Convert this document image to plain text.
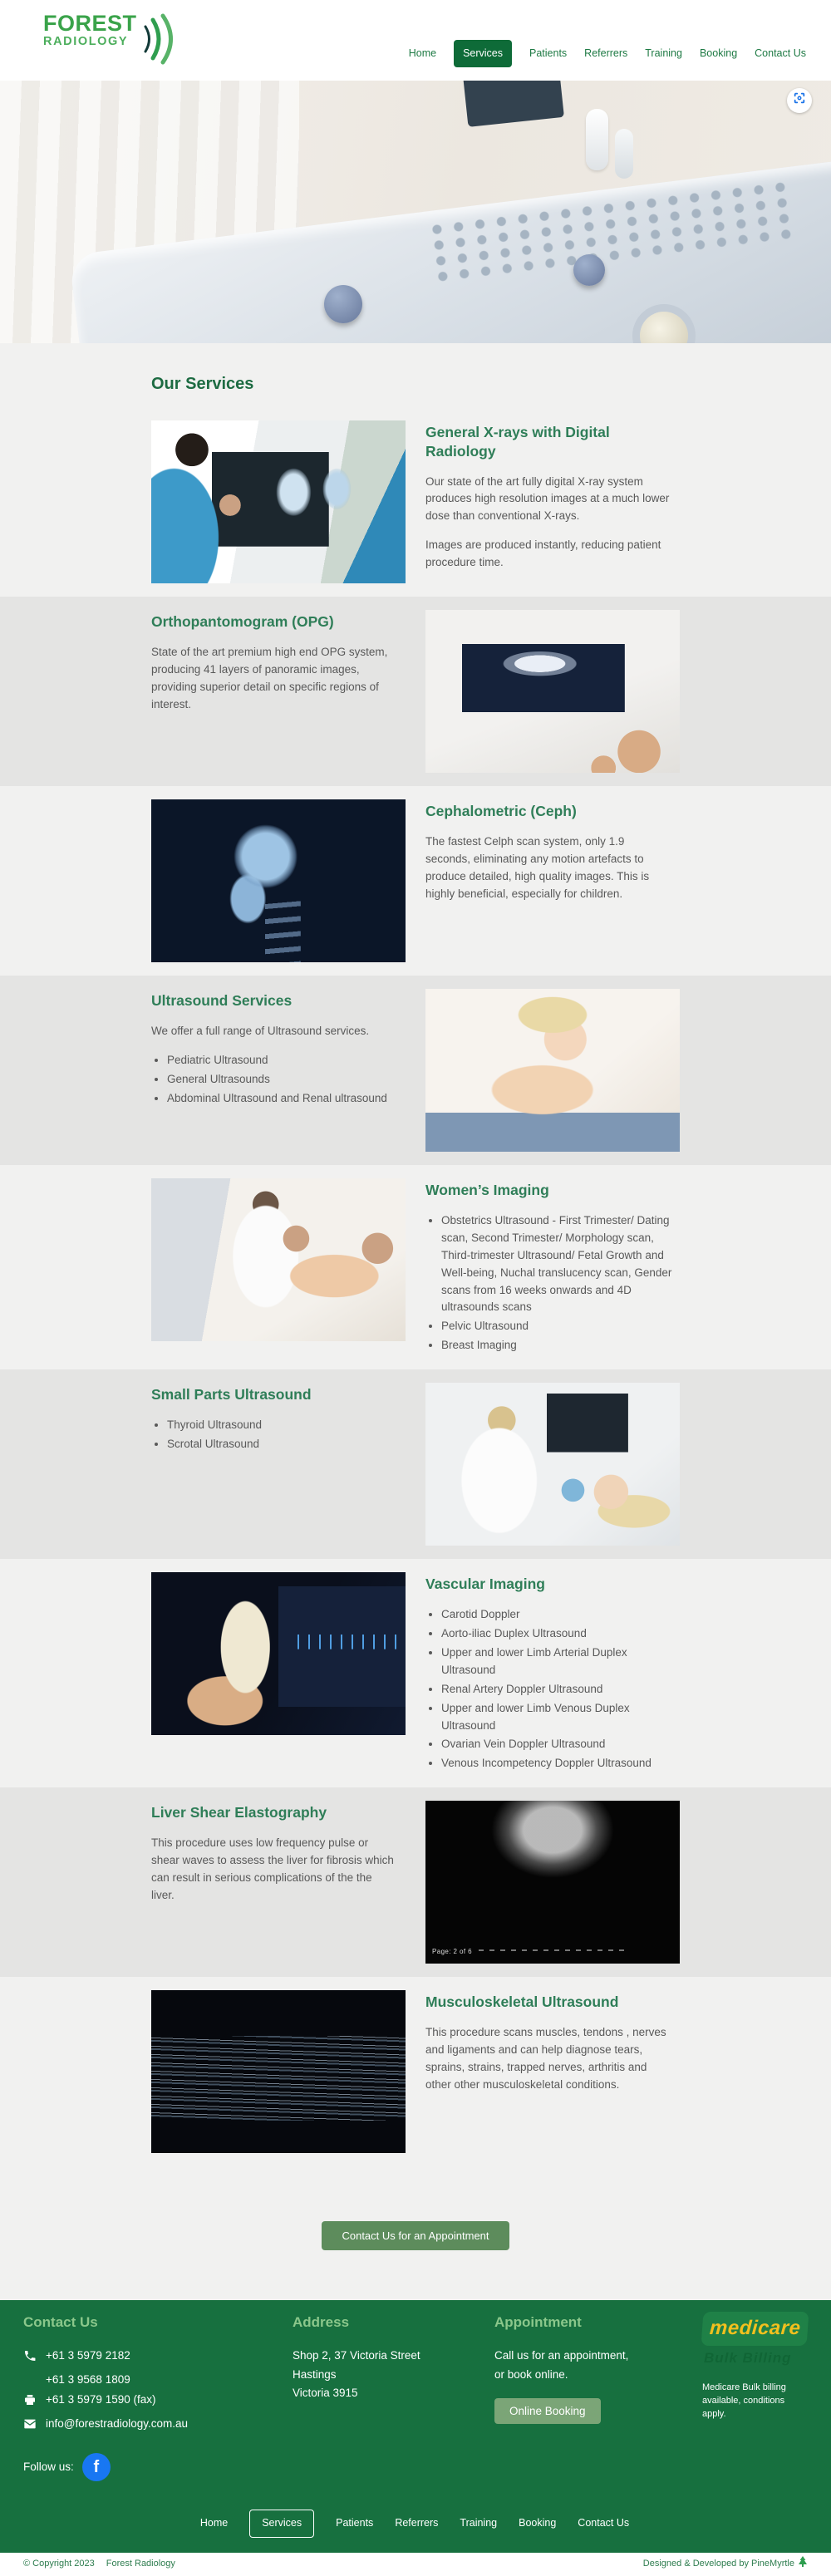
FOREST
RADIOLOGY
Home	Services	Patients Referrers Training Booking Contact Us
Our Services
General X-rays with Digital Radiology

Our state of the art fully digital X-ray system produces high resolution images at a much lower dose than conventional X-rays.

Images are produced instantly, reducing patient procedure time.

Orthopantomogram (OPG)

State of the art premium high end OPG system, producing 41 layers of panoramic images, providing superior detail on specific regions of interest.

Cephalometric (Ceph)

The fastest Celph scan system, only 1.9 seconds, eliminating any motion artefacts to produce detailed, high quality images. This is highly beneficial, especially for children.

Ultrasound Services

We offer a full range of Ultrasound services.

• Pediatric Ultrasound
• General Ultrasounds
• Abdominal Ultrasound and Renal ultrasound
Women’s Imaging
• Obstetrics Ultrasound - First Trimester/ Dating scan, Second Trimester/ Morphology scan, Third-trimester Ultrasound/ Fetal Growth and Well-being, Nuchal translucency scan, Gender scans from 16 weeks onwards and 4D ultrasounds scans
• Pelvic Ultrasound
• Breast Imaging
Small Parts Ultrasound
• Thyroid Ultrasound
• Scrotal Ultrasound
Vascular Imaging
• Carotid Doppler
• Aorto-iliac Duplex Ultrasound
• Upper and lower Limb Arterial Duplex Ultrasound
• Renal Artery Doppler Ultrasound
• Upper and lower Limb Venous Duplex Ultrasound
• Ovarian Vein Doppler Ultrasound
• Venous Incompetency Doppler Ultrasound
Page: 2 of 6
Liver Shear Elastography

This procedure uses low frequency pulse or shear waves to assess the liver for fibrosis which can result in serious complications of the the liver.

Musculoskeletal Ultrasound

This procedure scans muscles, tendons , nerves and ligaments and can help diagnose tears, sprains, strains, trapped nerves, arthritis and other other musculoskeletal conditions.

Contact Us for an Appointment
Contact Us
+61 3 5979 2182
+61 3 9568 1809
+61 3 5979 1590 (fax)
info@forestradiology.com.au
Follow us:	f
Address
Shop 2, 37 Victoria Street
Hastings
Victoria 3915
Appointment
Call us for an appointment,
or book online.
Online Booking
medicare
Bulk Billing
Medicare Bulk billing
available, conditions apply.
Home	Services	Patients Referrers Training Booking Contact Us
© Copyright 2023 Forest Radiology	Designed & Developed by PineMyrtle
